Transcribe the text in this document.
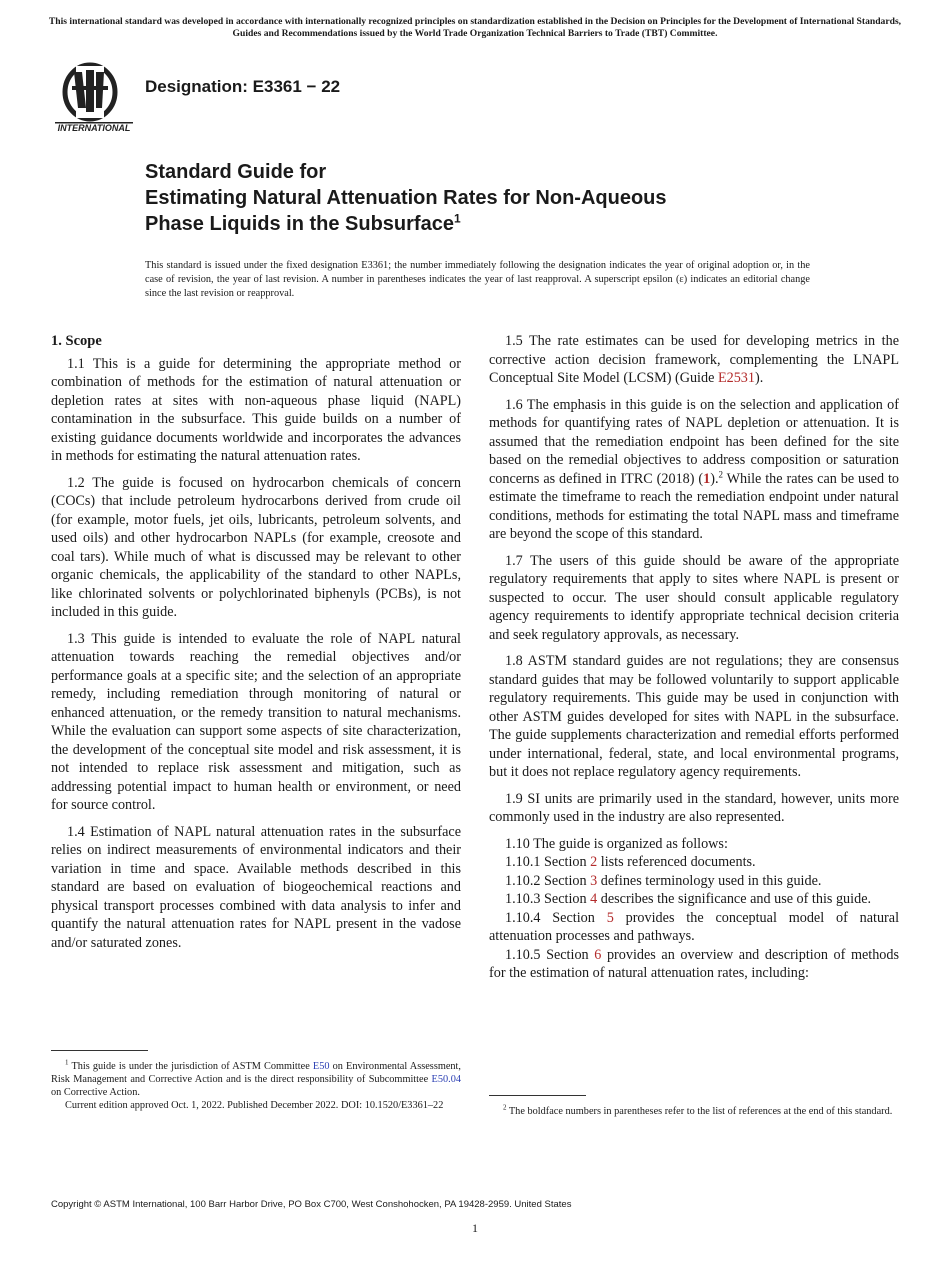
This international standard was developed in accordance with internationally recognized principles on standardization established in the Decision on Principles for the Development of International Standards, Guides and Recommendations issued by the World Trade Organization Technical Barriers to Trade (TBT) Committee.
INTERNATIONAL
Designation: E3361 − 22
Standard Guide for
Estimating Natural Attenuation Rates for Non-Aqueous
Phase Liquids in the Subsurface$^1$
This standard is issued under the fixed designation E3361; the number immediately following the designation indicates the year of original adoption or, in the case of revision, the year of last revision. A number in parentheses indicates the year of last reapproval. A superscript epsilon (ε) indicates an editorial change since the last revision or reapproval.
1. Scope

1.1 This is a guide for determining the appropriate method or combination of methods for the estimation of natural attenuation or depletion rates at sites with non-aqueous phase liquid (NAPL) contamination in the subsurface. This guide builds on a number of existing guidance documents worldwide and incorporates the advances in methods for estimating the natural attenuation rates.

1.2 The guide is focused on hydrocarbon chemicals of concern (COCs) that include petroleum hydrocarbons derived from crude oil (for example, motor fuels, jet oils, lubricants, petroleum solvents, and used oils) and other hydrocarbon NAPLs (for example, creosote and coal tars). While much of what is discussed may be relevant to other organic chemicals, the applicability of the standard to other NAPLs, like chlorinated solvents or polychlorinated biphenyls (PCBs), is not included in this guide.

1.3 This guide is intended to evaluate the role of NAPL natural attenuation towards reaching the remedial objectives and/or performance goals at a specific site; and the selection of an appropriate remedy, including remediation through monitoring of natural or enhanced attenuation, or the remedy transition to natural mechanisms. While the evaluation can support some aspects of site characterization, the development of the conceptual site model and risk assessment, it is not intended to replace risk assessment and mitigation, such as addressing potential impact to human health or environment, or need for source control.

1.4 Estimation of NAPL natural attenuation rates in the subsurface relies on indirect measurements of environmental indicators and their variation in time and space. Available methods described in this standard are based on evaluation of biogeochemical reactions and physical transport processes combined with data analysis to infer and quantify the natural attenuation rates for NAPL present in the vadose and/or saturated zones.

$^1$ This guide is under the jurisdiction of ASTM Committee E50 on Environmental Assessment, Risk Management and Corrective Action and is the direct responsibility of Subcommittee E50.04 on Corrective Action.

Current edition approved Oct. 1, 2022. Published December 2022. DOI: 10.1520/E3361–22

1.5 The rate estimates can be used for developing metrics in the corrective action decision framework, complementing the LNAPL Conceptual Site Model (LCSM) (Guide E2531).

1.6 The emphasis in this guide is on the selection and application of methods for quantifying rates of NAPL depletion or attenuation. It is assumed that the remediation endpoint has been defined for the site based on the remedial objectives to address composition or saturation concerns as defined in ITRC (2018) (1).$^2$ While the rates can be used to estimate the timeframe to reach the remediation endpoint under natural conditions, methods for estimating the total NAPL mass and timeframe are beyond the scope of this standard.

1.7 The users of this guide should be aware of the appropriate regulatory requirements that apply to sites where NAPL is present or suspected to occur. The user should consult applicable regulatory agency requirements to identify appropriate technical decision criteria and seek regulatory approvals, as necessary.

1.8 ASTM standard guides are not regulations; they are consensus standard guides that may be followed voluntarily to support applicable regulatory requirements. This guide may be used in conjunction with other ASTM guides developed for sites with NAPL in the subsurface. The guide supplements characterization and remedial efforts performed under international, federal, state, and local environmental programs, but it does not replace regulatory agency requirements.

1.9 SI units are primarily used in the standard, however, units more commonly used in the industry are also represented.

1.10 The guide is organized as follows:

1.10.1 Section 2 lists referenced documents.

1.10.2 Section 3 defines terminology used in this guide.

1.10.3 Section 4 describes the significance and use of this guide.

1.10.4 Section 5 provides the conceptual model of natural attenuation processes and pathways.

1.10.5 Section 6 provides an overview and description of methods for the estimation of natural attenuation rates, including:

$^2$ The boldface numbers in parentheses refer to the list of references at the end of this standard.

Copyright © ASTM International, 100 Barr Harbor Drive, PO Box C700, West Conshohocken, PA 19428-2959. United States
1
